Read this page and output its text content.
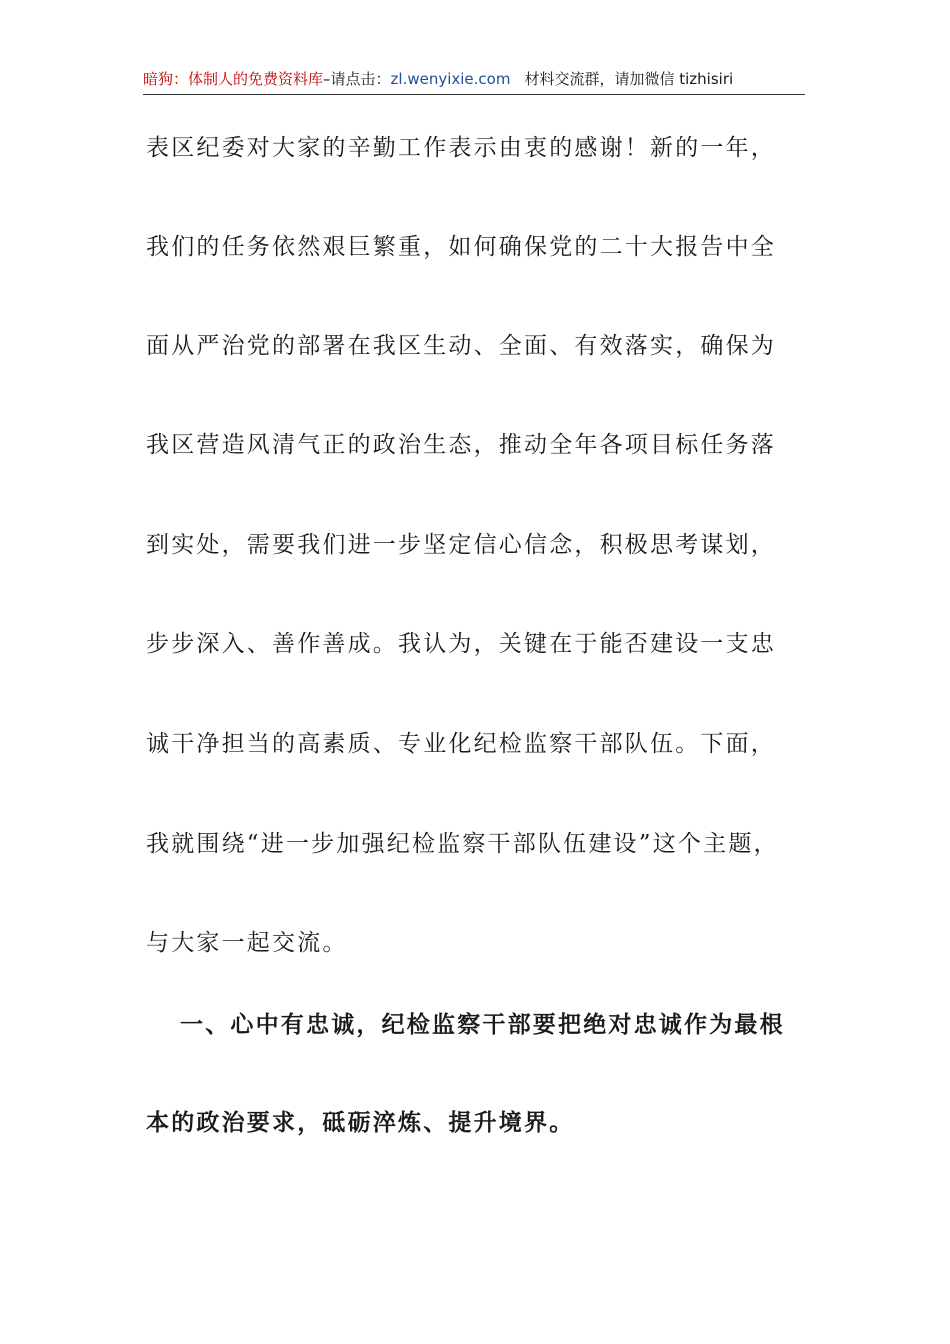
暗狗：体制人的免费资料库–请点击：zl.wenyixie.com 材料交流群，请加微信 tizhisiri
表区纪委对大家的辛勤工作表示由衷的感谢！新的一年，
我们的任务依然艰巨繁重，如何确保党的二十大报告中全
面从严治党的部署在我区生动、全面、有效落实，确保为
我区营造风清气正的政治生态，推动全年各项目标任务落
到实处，需要我们进一步坚定信心信念，积极思考谋划，
步步深入、善作善成。我认为，关键在于能否建设一支忠
诚干净担当的高素质、专业化纪检监察干部队伍。下面，
我就围绕“进一步加强纪检监察干部队伍建设”这个主题，
与大家一起交流。
一、心中有忠诚，纪检监察干部要把绝对忠诚作为最根
本的政治要求，砥砺淬炼、提升境界。
